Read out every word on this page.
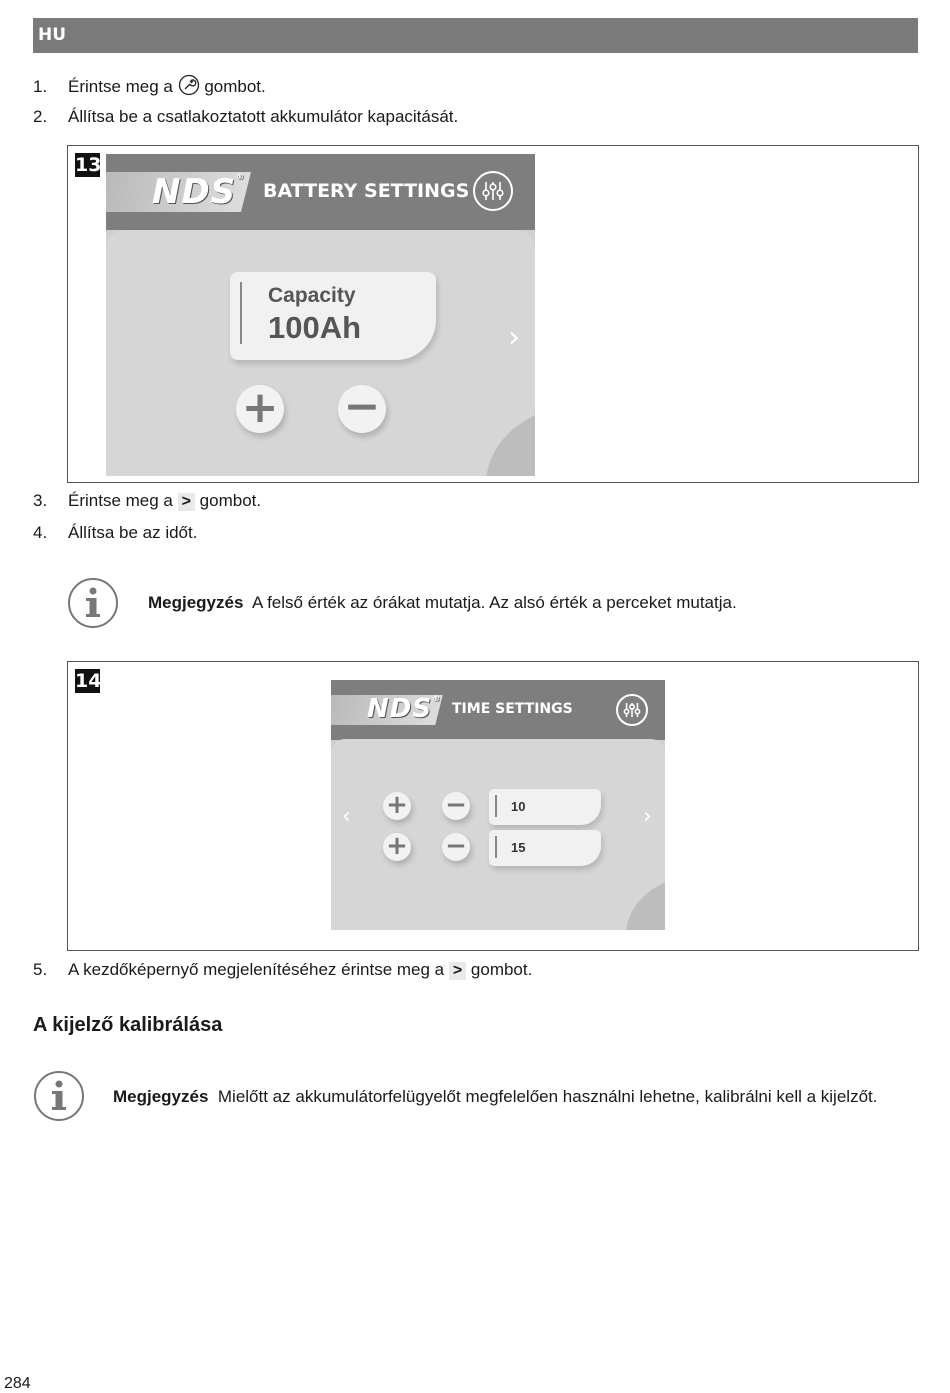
HU
1. Érintse meg a  gombot.
2. Állítsa be a csatlakoztatott akkumulátor kapacitását.
13
NDS®
BATTERY SETTINGS
Capacity
100Ah
+ −
›
3. Érintse meg a > gombot.
4. Állítsa be az időt.
Megjegyzés A felső érték az órákat mutatja. Az alsó érték a perceket mutatja.
14
NDS®
TIME SETTINGS
+ −
+ −
10
15
‹	›
5. A kezdőképernyő megjelenítéséhez érintse meg a > gombot.
A kijelző kalibrálása
Megjegyzés Mielőtt az akkumulátorfelügyelőt megfelelően használni lehetne, kalibrálni kell a kijelzőt.
284
